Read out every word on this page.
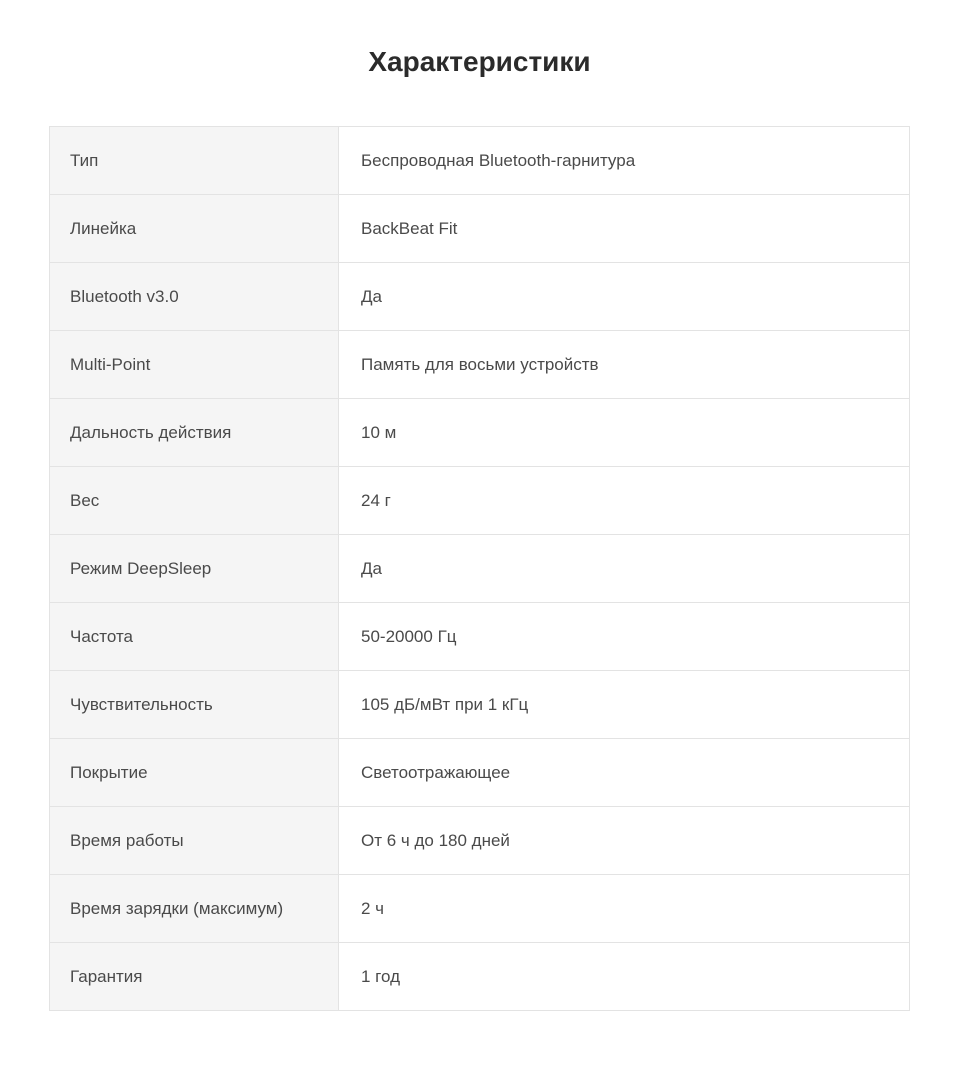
Характеристики
Тип	Беспроводная Bluetooth-гарнитура
Линейка	BackBeat Fit
Bluetooth v3.0	Да
Multi-Point	Память для восьми устройств
Дальность действия	10 м
Вес	24 г
Режим DeepSleep	Да
Частота	50-20000 Гц
Чувствительность	105 дБ/мВт при 1 кГц
Покрытие	Светоотражающее
Время работы	От 6 ч до 180 дней
Время зарядки (максимум)	2 ч
Гарантия	1 год
